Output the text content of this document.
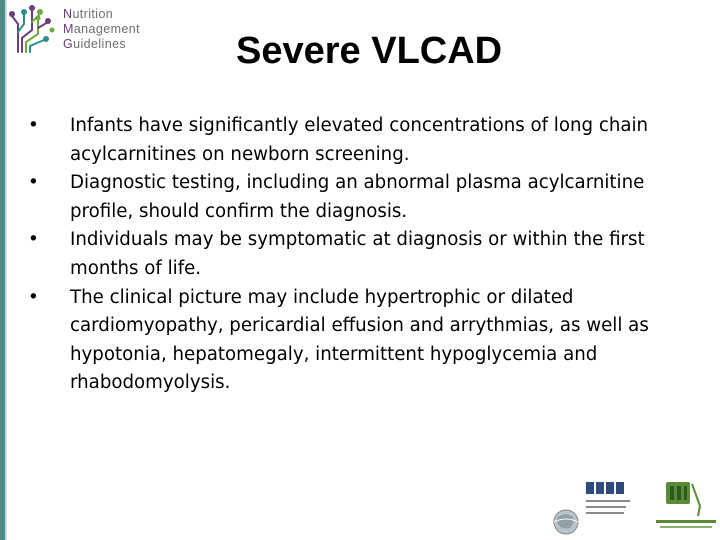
Nutrition
Management
Guidelines	Severe VLCAD
•	Infants have significantly elevated concentrations of long chain acylcarnitines on newborn screening.
•	Diagnostic testing, including an abnormal plasma acylcarnitine profile, should confirm the diagnosis.
•	Individuals may be symptomatic at diagnosis or within the first months of life.
•	The clinical picture may include hypertrophic or dilated cardiomyopathy, pericardial effusion and arrythmias, as well as hypotonia, hepatomegaly, intermittent hypoglycemia and rhabodomyolysis.
